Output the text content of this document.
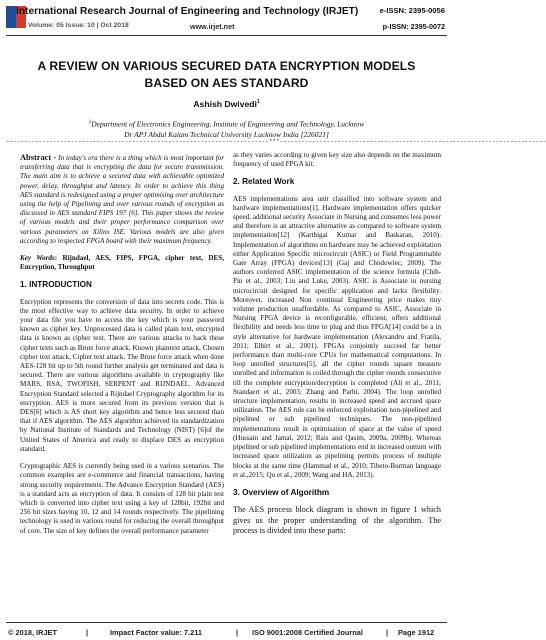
International Research Journal of Engineering and Technology (IRJET)	e-ISSN: 2395-0056
Volume: 05 Issue: 10 | Oct 2018	www.irjet.net	p-ISSN: 2395-0072
A REVIEW ON VARIOUS SECURED DATA ENCRYPTION MODELS BASED ON AES STANDARD
Ashish Dwivedi$^1$
$^1$Department of Electronics Engineering, Institute of Engineering and Technology, Lucknow
Dr APJ Abdul Kalam Technical University Lucknow India [226021]
-------------------------------------------------------------------------***--------------------------------------------------------------------------

Abstract - In today's era there is a thing which is most important for transferring data that is encrypting the data for secure transmission. The main aim is to achieve a secured data with achievable optimized power, delay, throughput and latency. In order to achieve this thing AES standard is redesigned using a proper optimising over architecture using the help of Pipelining and over various rounds of encryption as discussed in AES standard FIPS 197 [6]. This paper shows the review of various models and their proper performance comparison over various parameters on Xilinx ISE. Various models are also given according to respected FPGA board with their maximum frequency.

Key Words: Rijndael, AES, FIPS, FPGA, cipher text, DES, Encryption, Throughput

1. INTRODUCTION

Encryption represents the conversion of data into secrets code. This is the most effective way to achieve data security. In order to achieve your data file you have to access the key which is your password known as cipher key. Unprocessed data is called plain text, encrypted data is known as cipher text. There are various attacks to hack these cipher texts such as Brute force attack, Known plaintext attack, Chosen cipher text attack, Cipher text attack. The Brute force attack when done AES-128 bit up to 5th round further analysis get terminated and data is secured. There are various algorithms available in cryptography like MARS, RSA, TWOFISH, SERPENT and RIJNDAEL. Advanced Encryption Standard selected a Rijndael Cryptography algorithm for its encryption. AES is more secured from its previous version that is DES[6] which is AS short key algorithm and hence less secured than that if AES algorithm. The AES algorithm achieved its standardization by National Institute of Standards and Technology (NIST) [6]of the United States of America and ready to displace DES as encryption standard.

Cryptographic AES is currently being used in a various scenarios. The common examples are e-commerce and financial transactions, having strong security requirements. The Advance Encryption Standard (AES) is a standard acts as encryption of data. It consists of 128 bit plain test which is converted into cipher text using a key of 128bit, 192bit and 256 bit sizes having 10, 12 and 14 rounds respectively. The pipelining technology is used in various round for reducing the overall throughput of core. The size of key defines the overall performance parameter

as they varies according to given key size also depends on the maximum frequency of used FPGA kit.

2. Related Work

AES implementations area unit classified into software system and hardware implementations[1]. Hardware implementation offers quicker speed, additional security Associate in Nursing and consumes less power and therefore is an attractive alternative as compared to software system implementation[12] (Karthigai Kumar and Baskaran, 2010). Implementation of algorithms on hardware may be achieved exploitation either Application Specific microcircuit (ASIC) or Field Programmable Gate Array (FPGA) devices[13] (Gaj and Chodowiec, 2009). The authors conferred ASIC implementation of the science formula (Chih-Pin et al., 2003; Liu and Luke, 2003). ASIC is Associate in nursing microcircuit designed for specific application and lacks flexibility. Moreover, increased Non continual Engineering price makes tiny volume production unaffordable. As compared to ASIC, Associate in Nursing FPGA device is reconfigurable, efficient, offers additional flexibility and needs less time to plug and thus FPGA[14] could be a in style alternative for hardware implementation (Alexandru and Fratila, 2011; Elbirt et al., 2001). FPGAs conjointly succeed far better performance than multi-core CPUs for mathematical computations. In loop unrolled structures[5], all the cipher rounds square measure unrolled and information is coiled through the cipher rounds consecutive till the complete encryption/decryption is completed (Ali et al., 2011; Standaert et al., 2003; Zhang and Parhi, 2004). The loop unrolled structure implementation, results in increased speed and accrued space utilization. The AES rule can be enforced exploitation non-pipelined and pipelined or sub pipelined techniques. The non-pipelined implementations result in optimisation of space at the value of speed (Hussain and Jamal, 2012; Rais and Qasim, 2009a, 2009b). Whereas pipelined or sub pipelined implementations end in increased outturn with increased space utilization as pipelining permits process of multiple blocks at the same time (Hammad et al., 2010; Tibeto-Burman language et al.,2015; Qu et al., 2009; Wang and HA, 2013).

3. Overview of Algorithm

The AES process block diagram is shown in figure 1 which gives us the proper understanding of the algorithm. The process is divided into these parts:

© 2018, IRJET	|	Impact Factor value: 7.211	| ISO 9001:2008 Certified Journal	| Page 1912
